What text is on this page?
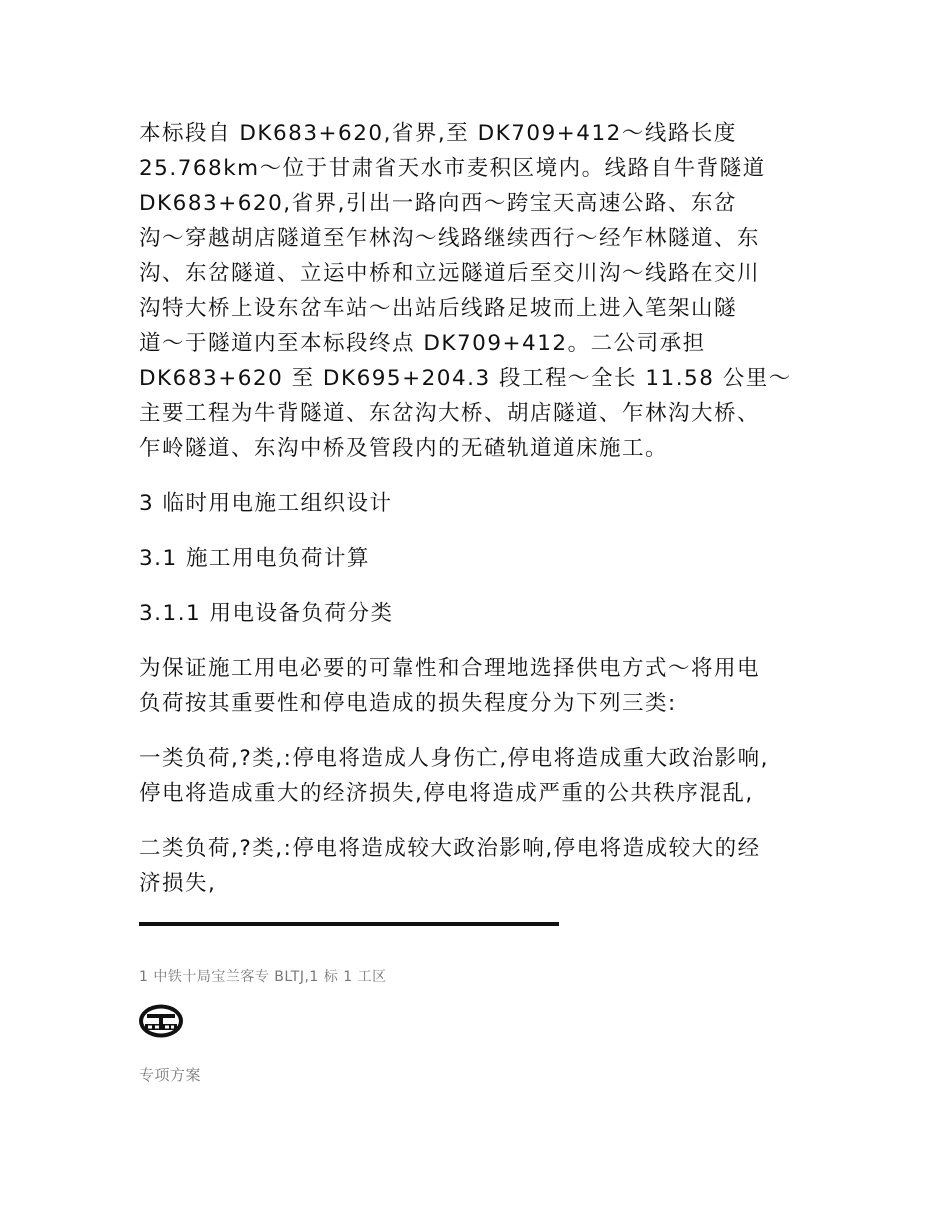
本标段自 DK683+620,省界,至 DK709+412～线路长度
25.768km～位于甘肃省天水市麦积区境内。线路自牛背隧道
DK683+620,省界,引出一路向西～跨宝天高速公路、东岔
沟～穿越胡店隧道至乍林沟～线路继续西行～经乍林隧道、东
沟、东岔隧道、立运中桥和立远隧道后至交川沟～线路在交川
沟特大桥上设东岔车站～出站后线路足坡而上进入笔架山隧
道～于隧道内至本标段终点 DK709+412。二公司承担
DK683+620 至 DK695+204.3 段工程～全长 11.58 公里～
主要工程为牛背隧道、东岔沟大桥、胡店隧道、乍林沟大桥、
乍岭隧道、东沟中桥及管段内的无碴轨道道床施工。

3 临时用电施工组织设计

3.1 施工用电负荷计算

3.1.1 用电设备负荷分类

为保证施工用电必要的可靠性和合理地选择供电方式～将用电
负荷按其重要性和停电造成的损失程度分为下列三类:

一类负荷,?类,:停电将造成人身伤亡,停电将造成重大政治影响,
停电将造成重大的经济损失,停电将造成严重的公共秩序混乱,

二类负荷,?类,:停电将造成较大政治影响,停电将造成较大的经
济损失,

1 中铁十局宝兰客专 BLTJ,1 标 1 工区
专项方案
